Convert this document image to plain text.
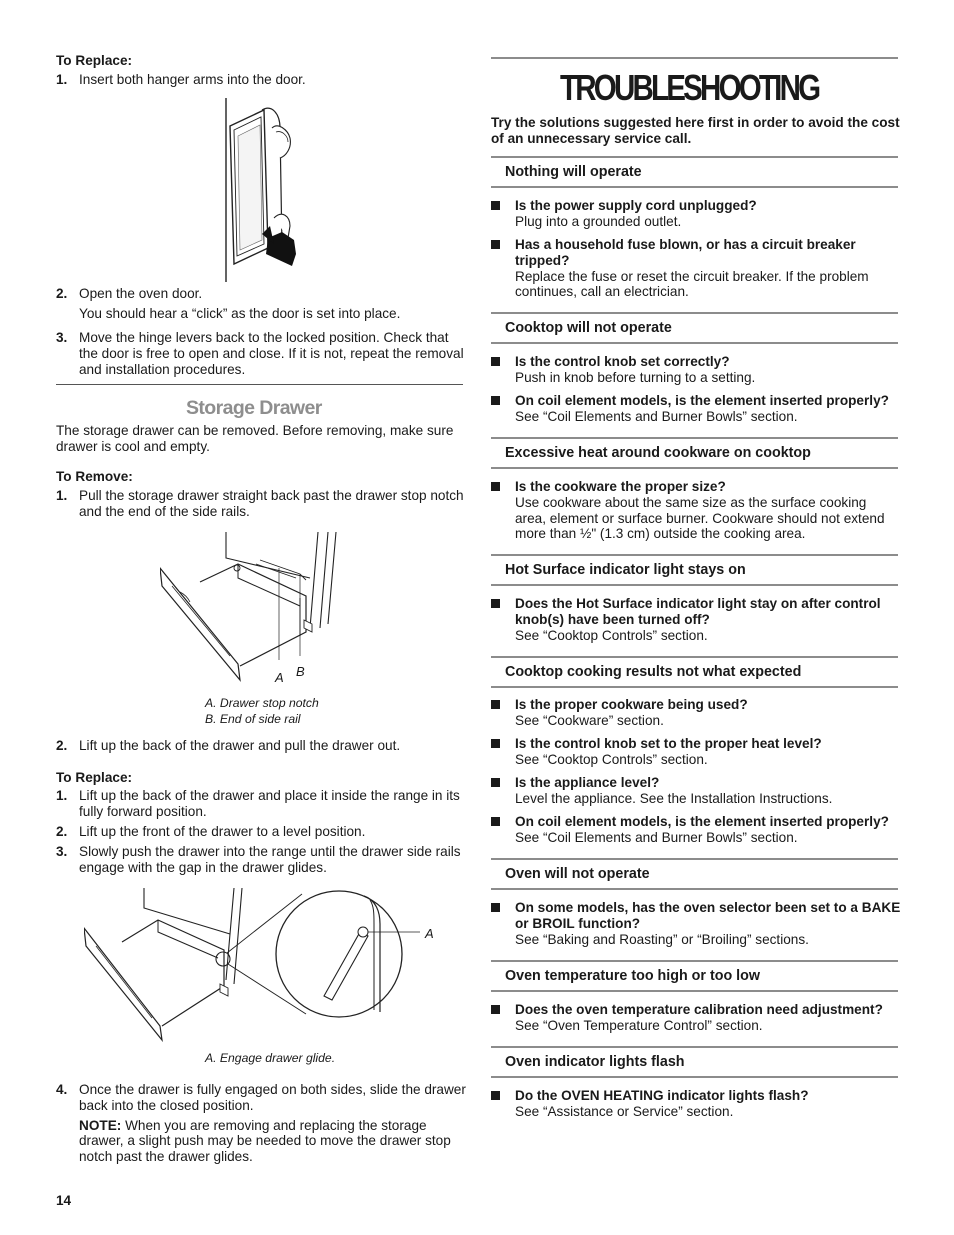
To Replace:
1. Insert both hanger arms into the door.
2. Open the oven door.
You should hear a “click” as the door is set into place.
3. Move the hinge levers back to the locked position. Check that the door is free to open and close. If it is not, repeat the removal and installation procedures.
Storage Drawer
The storage drawer can be removed. Before removing, make sure drawer is cool and empty.
To Remove:
1. Pull the storage drawer straight back past the drawer stop notch and the end of the side rails.
A B
A. Drawer stop notch
B. End of side rail
2. Lift up the back of the drawer and pull the drawer out.
To Replace:
1. Lift up the back of the drawer and place it inside the range in its fully forward position.
2. Lift up the front of the drawer to a level position.
3. Slowly push the drawer into the range until the drawer side rails engage with the gap in the drawer glides.
A
A. Engage drawer glide.
4. Once the drawer is fully engaged on both sides, slide the drawer back into the closed position.
NOTE: When you are removing and replacing the storage drawer, a slight push may be needed to move the drawer stop notch past the drawer glides.
14
TROUBLESHOOTING
Try the solutions suggested here first in order to avoid the cost of an unnecessary service call.
Nothing will operate
Is the power supply cord unplugged?
Plug into a grounded outlet.
Has a household fuse blown, or has a circuit breaker tripped?
Replace the fuse or reset the circuit breaker. If the problem continues, call an electrician.
Cooktop will not operate
Is the control knob set correctly?
Push in knob before turning to a setting.
On coil element models, is the element inserted properly?
See “Coil Elements and Burner Bowls” section.
Excessive heat around cookware on cooktop
Is the cookware the proper size?
Use cookware about the same size as the surface cooking area, element or surface burner. Cookware should not extend more than ½" (1.3 cm) outside the cooking area.
Hot Surface indicator light stays on
Does the Hot Surface indicator light stay on after control knob(s) have been turned off?
See “Cooktop Controls” section.
Cooktop cooking results not what expected
Is the proper cookware being used?
See “Cookware” section.
Is the control knob set to the proper heat level?
See “Cooktop Controls” section.
Is the appliance level?
Level the appliance. See the Installation Instructions.
On coil element models, is the element inserted properly?
See “Coil Elements and Burner Bowls” section.
Oven will not operate
On some models, has the oven selector been set to a BAKE or BROIL function?
See “Baking and Roasting” or “Broiling” sections.
Oven temperature too high or too low
Does the oven temperature calibration need adjustment?
See “Oven Temperature Control” section.
Oven indicator lights flash
Do the OVEN HEATING indicator lights flash?
See “Assistance or Service” section.
